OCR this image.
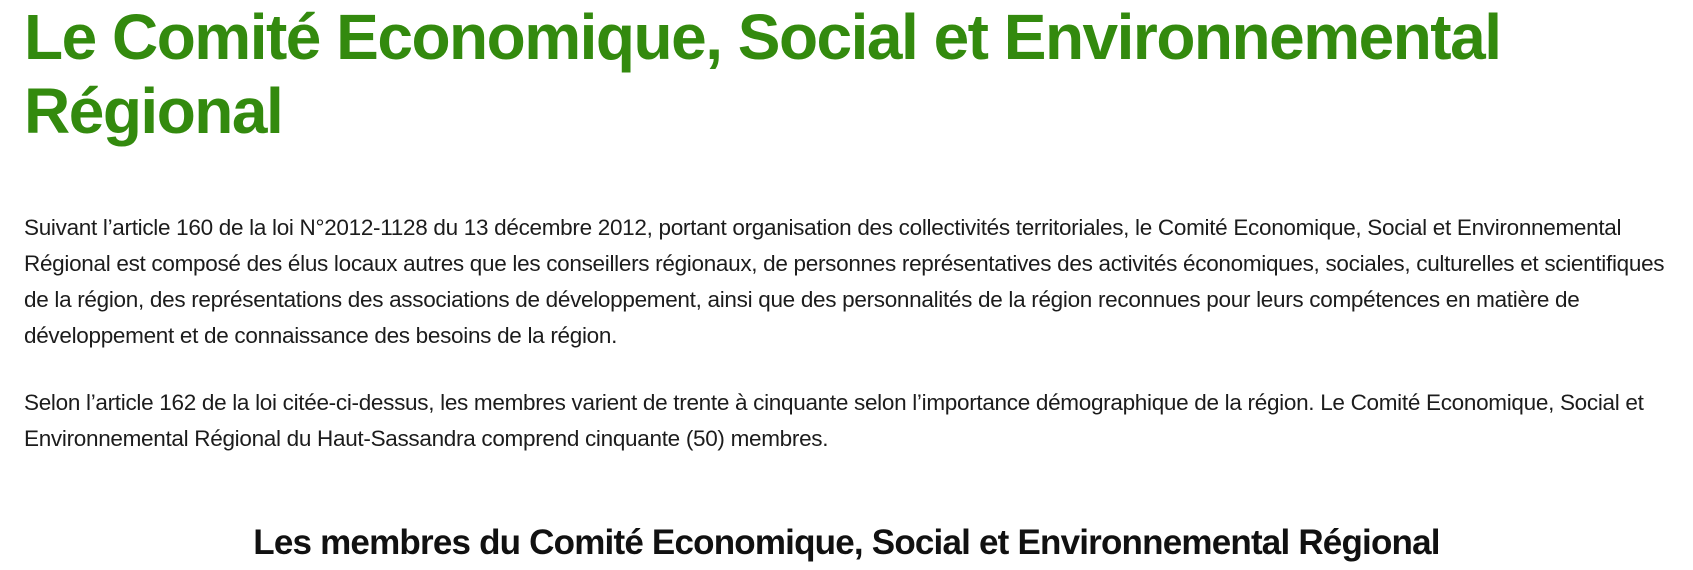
Le Comité Economique, Social et Environnemental Régional

Suivant l’article 160 de la loi N°2012-1128 du 13 décembre 2012, portant organisation des collectivités territoriales, le Comité Economique, Social et Environnemental Régional est composé des élus locaux autres que les conseillers régionaux, de personnes représentatives des activités économiques, sociales, culturelles et scientifiques de la région, des représentations des associations de développement, ainsi que des personnalités de la région reconnues pour leurs compétences en matière de développement et de connaissance des besoins de la région.

Selon l’article 162 de la loi citée-ci-dessus, les membres varient de trente à cinquante selon l’importance démographique de la région. Le Comité Economique, Social et Environnemental Régional du Haut-Sassandra comprend cinquante (50) membres.

Les membres du Comité Economique, Social et Environnemental Régional
